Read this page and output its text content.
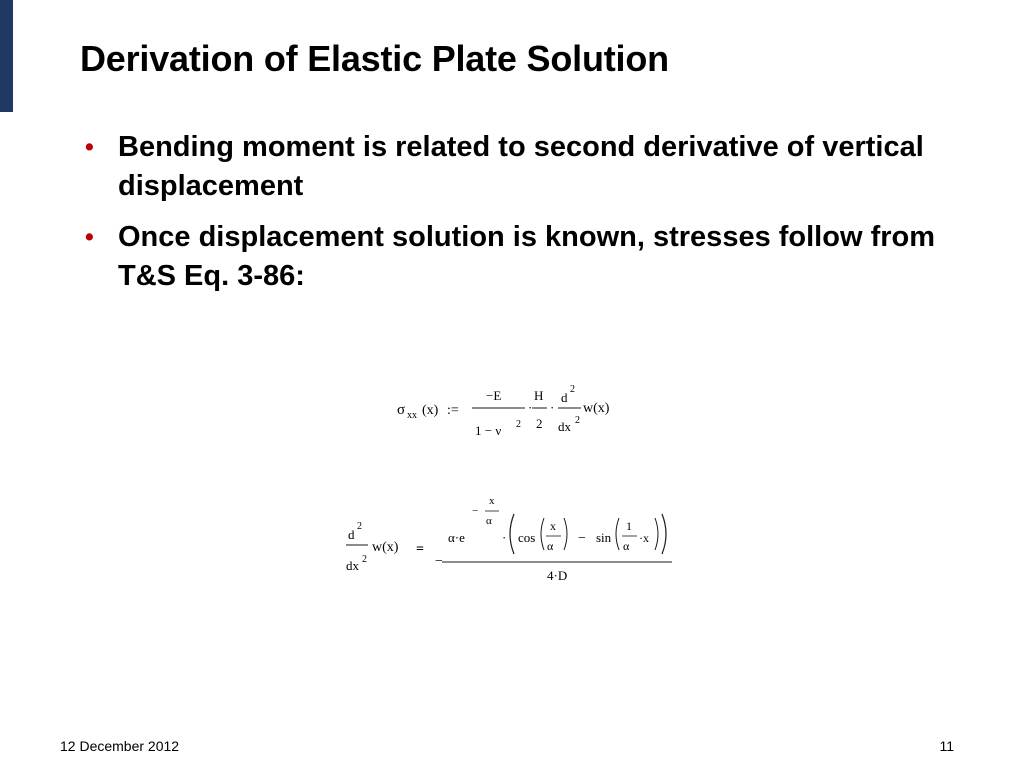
Derivation of Elastic Plate Solution
• Bending moment is related to second derivative of vertical displacement
• Once displacement solution is known, stresses follow from T&S Eq. 3-86:
σ xx (x) :=
−E
1 − ν 2
·
H
2
·
d
2
dx 2
w(x)
d
2
dx 2
w(x) =
−
−
x
α
α·e	· cos
x
α − sin
1
α
·x
4·D
12 December 2012	11
